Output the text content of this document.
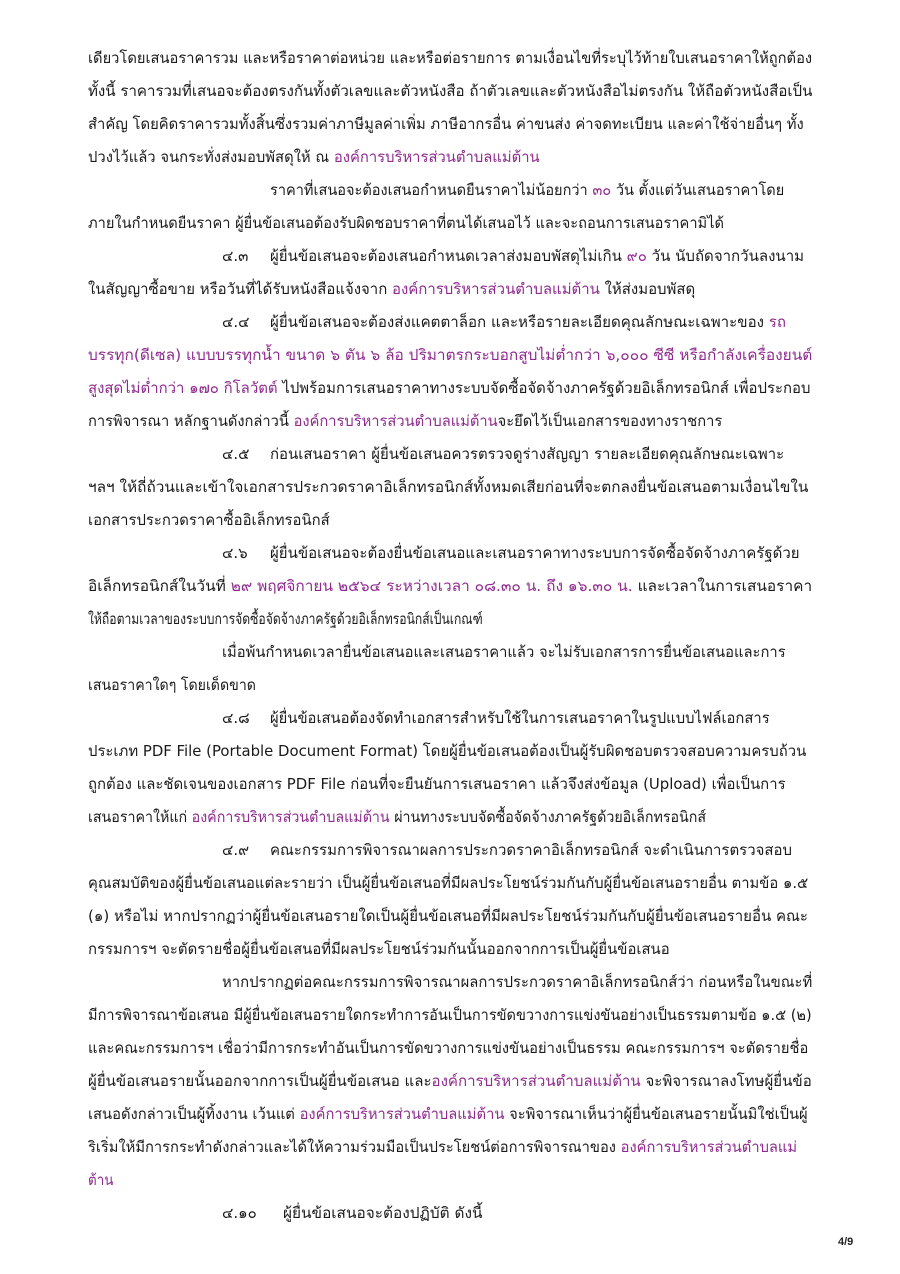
เดียวโดยเสนอราคารวม และหรือราคาต่อหน่วย และหรือต่อรายการ ตามเงื่อนไขที่ระบุไว้ท้ายใบเสนอราคาให้ถูกต้อง
ทั้งนี้ ราคารวมที่เสนอจะต้องตรงกันทั้งตัวเลขและตัวหนังสือ ถ้าตัวเลขและตัวหนังสือไม่ตรงกัน ให้ถือตัวหนังสือเป็น
สำคัญ โดยคิดราคารวมทั้งสิ้นซึ่งรวมค่าภาษีมูลค่าเพิ่ม ภาษีอากรอื่น ค่าขนส่ง ค่าจดทะเบียน และค่าใช้จ่ายอื่นๆ ทั้ง
ปวงไว้แล้ว จนกระทั่งส่งมอบพัสดุให้ ณ องค์การบริหารส่วนตำบลแม่ต้าน
ราคาที่เสนอจะต้องเสนอกำหนดยืนราคาไม่น้อยกว่า ๓๐ วัน ตั้งแต่วันเสนอราคาโดย
ภายในกำหนดยืนราคา ผู้ยื่นข้อเสนอต้องรับผิดชอบราคาที่ตนได้เสนอไว้ และจะถอนการเสนอราคามิได้
๔.๓ ผู้ยื่นข้อเสนอจะต้องเสนอกำหนดเวลาส่งมอบพัสดุไม่เกิน ๙๐ วัน นับถัดจากวันลงนาม
ในสัญญาซื้อขาย หรือวันที่ได้รับหนังสือแจ้งจาก องค์การบริหารส่วนตำบลแม่ต้าน ให้ส่งมอบพัสดุ
๔.๔ ผู้ยื่นข้อเสนอจะต้องส่งแคตตาล็อก และหรือรายละเอียดคุณลักษณะเฉพาะของ รถ
บรรทุก(ดีเซล) แบบบรรทุกน้ำ ขนาด ๖ ตัน ๖ ล้อ ปริมาตรกระบอกสูบไม่ต่ำกว่า ๖,๐๐๐ ซีซี หรือกำลังเครื่องยนต์
สูงสุดไม่ต่ำกว่า ๑๗๐ กิโลวัตต์ ไปพร้อมการเสนอราคาทางระบบจัดซื้อจัดจ้างภาครัฐด้วยอิเล็กทรอนิกส์ เพื่อประกอบ
การพิจารณา หลักฐานดังกล่าวนี้ องค์การบริหารส่วนตำบลแม่ต้านจะยึดไว้เป็นเอกสารของทางราชการ
๔.๕ ก่อนเสนอราคา ผู้ยื่นข้อเสนอควรตรวจดูร่างสัญญา รายละเอียดคุณลักษณะเฉพาะ
ฯลฯ ให้ถี่ถ้วนและเข้าใจเอกสารประกวดราคาอิเล็กทรอนิกส์ทั้งหมดเสียก่อนที่จะตกลงยื่นข้อเสนอตามเงื่อนไขใน
เอกสารประกวดราคาซื้ออิเล็กทรอนิกส์
๔.๖ ผู้ยื่นข้อเสนอจะต้องยื่นข้อเสนอและเสนอราคาทางระบบการจัดซื้อจัดจ้างภาครัฐด้วย
อิเล็กทรอนิกส์ในวันที่ ๒๙ พฤศจิกายน ๒๕๖๔ ระหว่างเวลา ๐๘.๓๐ น. ถึง ๑๖.๓๐ น. และเวลาในการเสนอราคา
ให้ถือตามเวลาของระบบการจัดซื้อจัดจ้างภาครัฐด้วยอิเล็กทรอนิกส์เป็นเกณฑ์
เมื่อพ้นกำหนดเวลายื่นข้อเสนอและเสนอราคาแล้ว จะไม่รับเอกสารการยื่นข้อเสนอและการ
เสนอราคาใดๆ โดยเด็ดขาด
๔.๘ ผู้ยื่นข้อเสนอต้องจัดทำเอกสารสำหรับใช้ในการเสนอราคาในรูปแบบไฟล์เอกสาร
ประเภท PDF File (Portable Document Format) โดยผู้ยื่นข้อเสนอต้องเป็นผู้รับผิดชอบตรวจสอบความครบถ้วน
ถูกต้อง และชัดเจนของเอกสาร PDF File ก่อนที่จะยืนยันการเสนอราคา แล้วจึงส่งข้อมูล (Upload) เพื่อเป็นการ
เสนอราคาให้แก่ องค์การบริหารส่วนตำบลแม่ต้าน ผ่านทางระบบจัดซื้อจัดจ้างภาครัฐด้วยอิเล็กทรอนิกส์
๔.๙ คณะกรรมการพิจารณาผลการประกวดราคาอิเล็กทรอนิกส์ จะดำเนินการตรวจสอบ
คุณสมบัติของผู้ยื่นข้อเสนอแต่ละรายว่า เป็นผู้ยื่นข้อเสนอที่มีผลประโยชน์ร่วมกันกับผู้ยื่นข้อเสนอรายอื่น ตามข้อ ๑.๕
(๑) หรือไม่ หากปรากฏว่าผู้ยื่นข้อเสนอรายใดเป็นผู้ยื่นข้อเสนอที่มีผลประโยชน์ร่วมกันกับผู้ยื่นข้อเสนอรายอื่น คณะ
กรรมการฯ จะตัดรายชื่อผู้ยื่นข้อเสนอที่มีผลประโยชน์ร่วมกันนั้นออกจากการเป็นผู้ยื่นข้อเสนอ
หากปรากฏต่อคณะกรรมการพิจารณาผลการประกวดราคาอิเล็กทรอนิกส์ว่า ก่อนหรือในขณะที่
มีการพิจารณาข้อเสนอ มีผู้ยื่นข้อเสนอรายใดกระทำการอันเป็นการขัดขวางการแข่งขันอย่างเป็นธรรมตามข้อ ๑.๕ (๒)
และคณะกรรมการฯ เชื่อว่ามีการกระทำอันเป็นการขัดขวางการแข่งขันอย่างเป็นธรรม คณะกรรมการฯ จะตัดรายชื่อ
ผู้ยื่นข้อเสนอรายนั้นออกจากการเป็นผู้ยื่นข้อเสนอ และองค์การบริหารส่วนตำบลแม่ต้าน จะพิจารณาลงโทษผู้ยื่นข้อ
เสนอดังกล่าวเป็นผู้ทิ้งงาน เว้นแต่ องค์การบริหารส่วนตำบลแม่ต้าน จะพิจารณาเห็นว่าผู้ยื่นข้อเสนอรายนั้นมิใช่เป็นผู้
ริเริ่มให้มีการกระทำดังกล่าวและได้ให้ความร่วมมือเป็นประโยชน์ต่อการพิจารณาของ องค์การบริหารส่วนตำบลแม่
ต้าน
๔.๑๐ ผู้ยื่นข้อเสนอจะต้องปฏิบัติ ดังนี้
4/9
